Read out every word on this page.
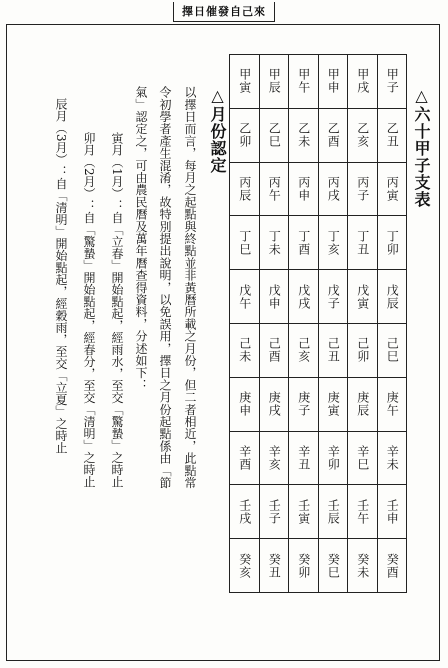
擇日催發自己來
△六十甲子支表
甲寅	甲辰	甲午	甲申	甲戌	甲子
乙卯	乙巳	乙未	乙酉	乙亥	乙丑
丙辰	丙午	丙申	丙戌	丙子	丙寅
丁巳	丁未	丁酉	丁亥	丁丑	丁卯
戊午	戊申	戊戌	戊子	戊寅	戊辰
己未	己酉	己亥	己丑	己卯	己巳
庚申	庚戌	庚子	庚寅	庚辰	庚午
辛酉	辛亥	辛丑	辛卯	辛巳	辛未
壬戌	壬子	壬寅	壬辰	壬午	壬申
癸亥	癸丑	癸卯	癸巳	癸未	癸酉
△月份認定
以擇日而言，每月之起點與終點並非黃曆所載之月份，但二者相近，此點常
令初學者產生混淆，故特別提出說明，以免誤用，擇日之月份起點係由「節
氣」認定之，可由農民曆及萬年曆查得資料，分述如下：
寅月（1月）：自「立春」開始點起，經雨水，至交「驚蟄」之時止
卯月（2月）：自「驚蟄」開始點起，經春分，至交「清明」之時止
辰月（3月）：自「清明」開始點起，經穀雨，至交「立夏」之時止
